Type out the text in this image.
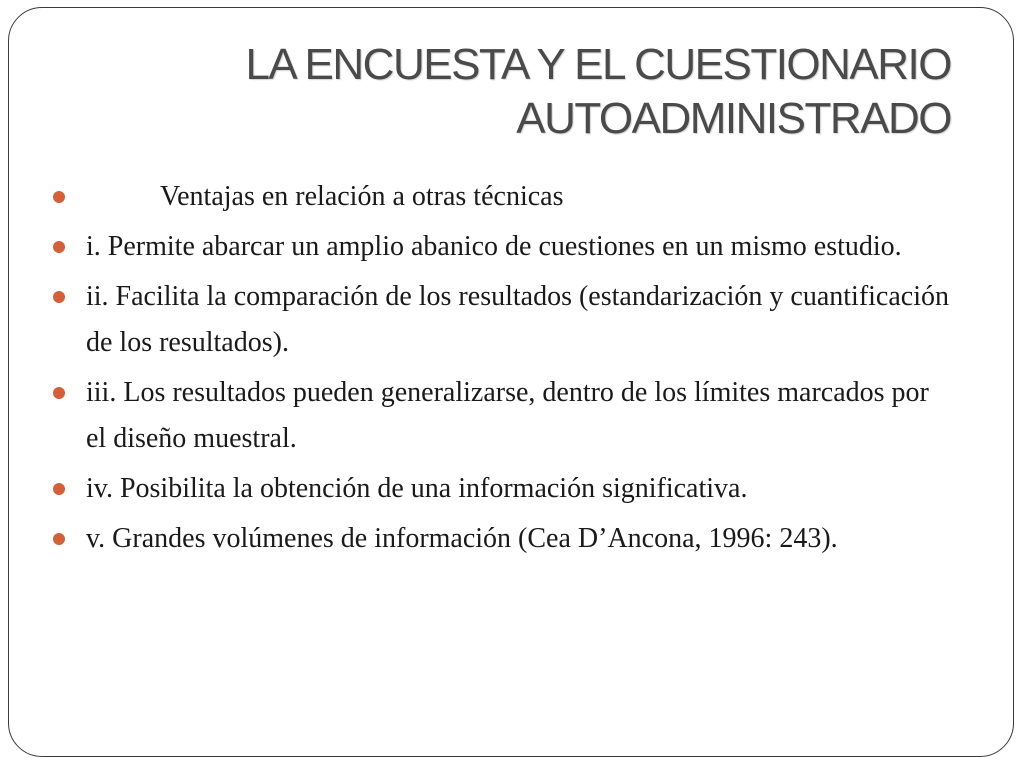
LA ENCUESTA Y EL CUESTIONARIO
AUTOADMINISTRADO
Ventajas en relación a otras técnicas
i. Permite abarcar un amplio abanico de cuestiones en un mismo estudio.
ii. Facilita la comparación de los resultados (estandarización y cuantificación de los resultados).
iii. Los resultados pueden generalizarse, dentro de los límites marcados por el diseño muestral.
iv. Posibilita la obtención de una información significativa.
v. Grandes volúmenes de información (Cea D’Ancona, 1996: 243).
